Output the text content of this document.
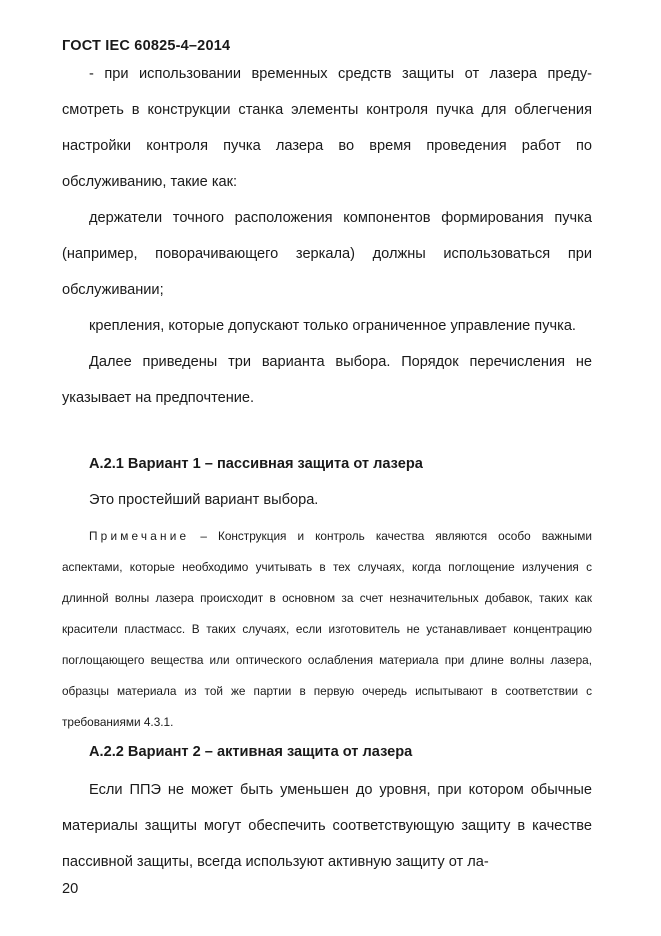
ГОСТ IEC 60825-4–2014

- при использовании временных средств защиты от лазера предусмотреть в конструкции станка элементы контроля пучка для облегчения настройки контроля пучка лазера во время проведения работ по обслуживанию, такие как:

держатели точного расположения компонентов формирования пучка (например, поворачивающего зеркала) должны использоваться при обслуживании;

крепления, которые допускают только ограниченное управление пучка.

Далее приведены три варианта выбора. Порядок перечисления не указывает на предпочтение.

А.2.1 Вариант 1 – пассивная защита от лазера

Это простейший вариант выбора.

Примечание – Конструкция и контроль качества являются особо важными аспектами, которые необходимо учитывать в тех случаях, когда поглощение излучения с длинной волны лазера происходит в основном за счет незначительных добавок, таких как красители пластмасс. В таких случаях, если изготовитель не устанавливает концентрацию поглощающего вещества или оптического ослабления материала при длине волны лазера, образцы материала из той же партии в первую очередь испытывают в соответствии с требованиями 4.3.1.

А.2.2 Вариант 2 – активная защита от лазера

Если ППЭ не может быть уменьшен до уровня, при котором обычные материалы защиты могут обеспечить соответствующую защиту в качестве пассивной защиты, всегда используют активную защиту от ла-

20
